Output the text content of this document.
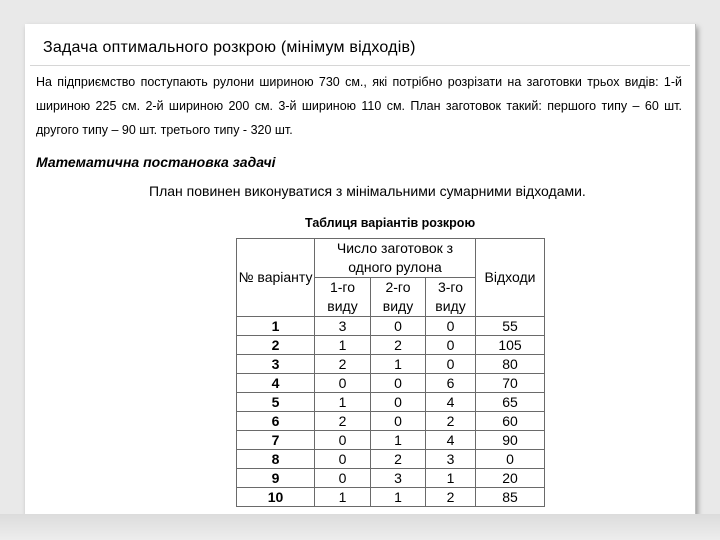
Задача оптимального розкрою (мінімум відходів)
На підприємство поступають рулони шириною 730 см., які потрібно розрізати на заготовки трьох видів: 1-й шириною 225 см. 2-й шириною 200 см. 3-й шириною 110 см. План заготовок такий: першого типу – 60 шт. другого типу – 90 шт. третього типу ‑ 320 шт.
Математична постановка задачі
План повинен виконуватися з мінімальними сумарними відходами.
Таблиця варіантів розкрою
№ варіанту	Число заготовок з одного рулона			Відходи
	1-го виду	2-го виду	3-го виду	
1	3	0	0	55
2	1	2	0	105
3	2	1	0	80
4	0	0	6	70
5	1	0	4	65
6	2	0	2	60
7	0	1	4	90
8	0	2	3	0
9	0	3	1	20
10	1	1	2	85
